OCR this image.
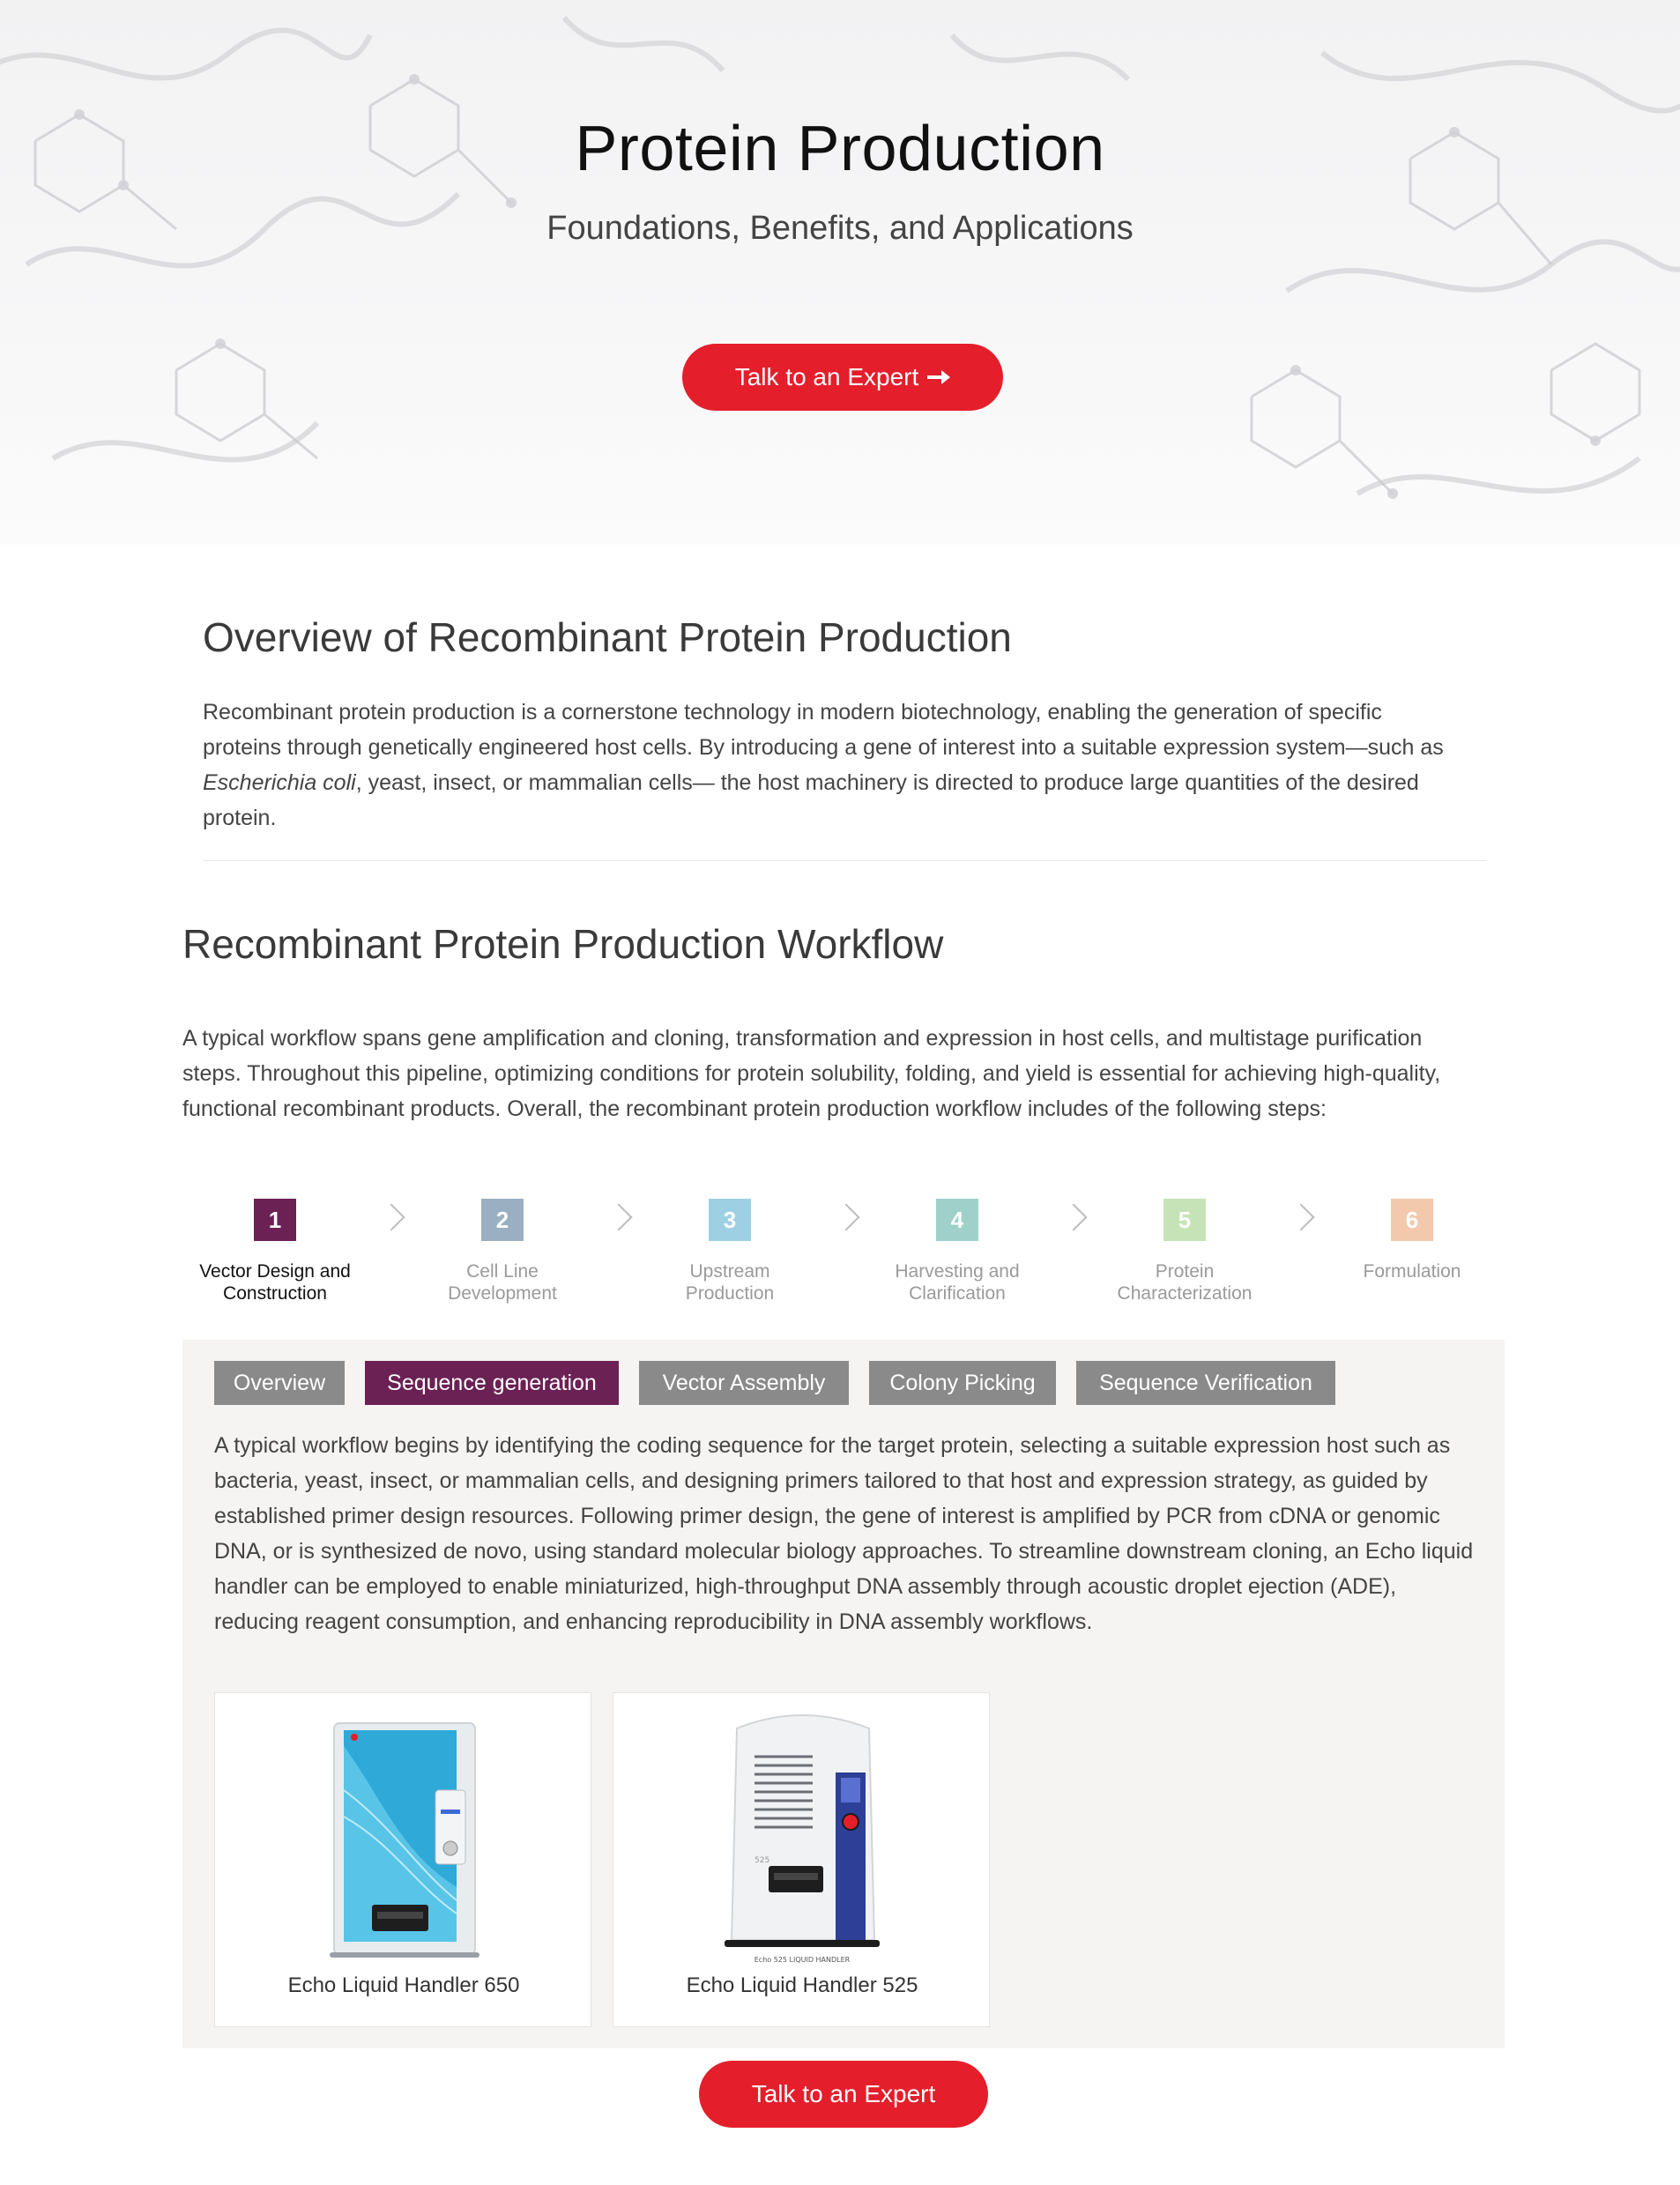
Protein Production
Foundations, Benefits, and Applications
Talk to an Expert
Overview of Recombinant Protein Production

Recombinant protein production is a cornerstone technology in modern biotechnology, enabling the generation of specific proteins through genetically engineered host cells. By introducing a gene of interest into a suitable expression system—such as Escherichia coli, yeast, insect, or mammalian cells— the host machinery is directed to produce large quantities of the desired protein.

Recombinant Protein Production Workflow

A typical workflow spans gene amplification and cloning, transformation and expression in host cells, and multistage purification steps. Throughout this pipeline, optimizing conditions for protein solubility, folding, and yield is essential for achieving high-quality, functional recombinant products. Overall, the recombinant protein production workflow includes of the following steps:

1
Vector Design and
Construction
2
Cell Line
Development
3
Upstream
Production
4
Harvesting and
Clarification
5
Protein
Characterization
6
Formulation
Overview	Sequence generation	Vector Assembly	Colony Picking	Sequence Verification

A typical workflow begins by identifying the coding sequence for the target protein, selecting a suitable expression host such as bacteria, yeast, insect, or mammalian cells, and designing primers tailored to that host and expression strategy, as guided by established primer design resources. Following primer design, the gene of interest is amplified by PCR from cDNA or genomic DNA, or is synthesized de novo, using standard molecular biology approaches. To streamline downstream cloning, an Echo liquid handler can be employed to enable miniaturized, high-throughput DNA assembly through acoustic droplet ejection (ADE), reducing reagent consumption, and enhancing reproducibility in DNA assembly workflows.

Echo Liquid Handler 650
525
Echo 525 LIQUID HANDLER
Echo Liquid Handler 525
Talk to an Expert
